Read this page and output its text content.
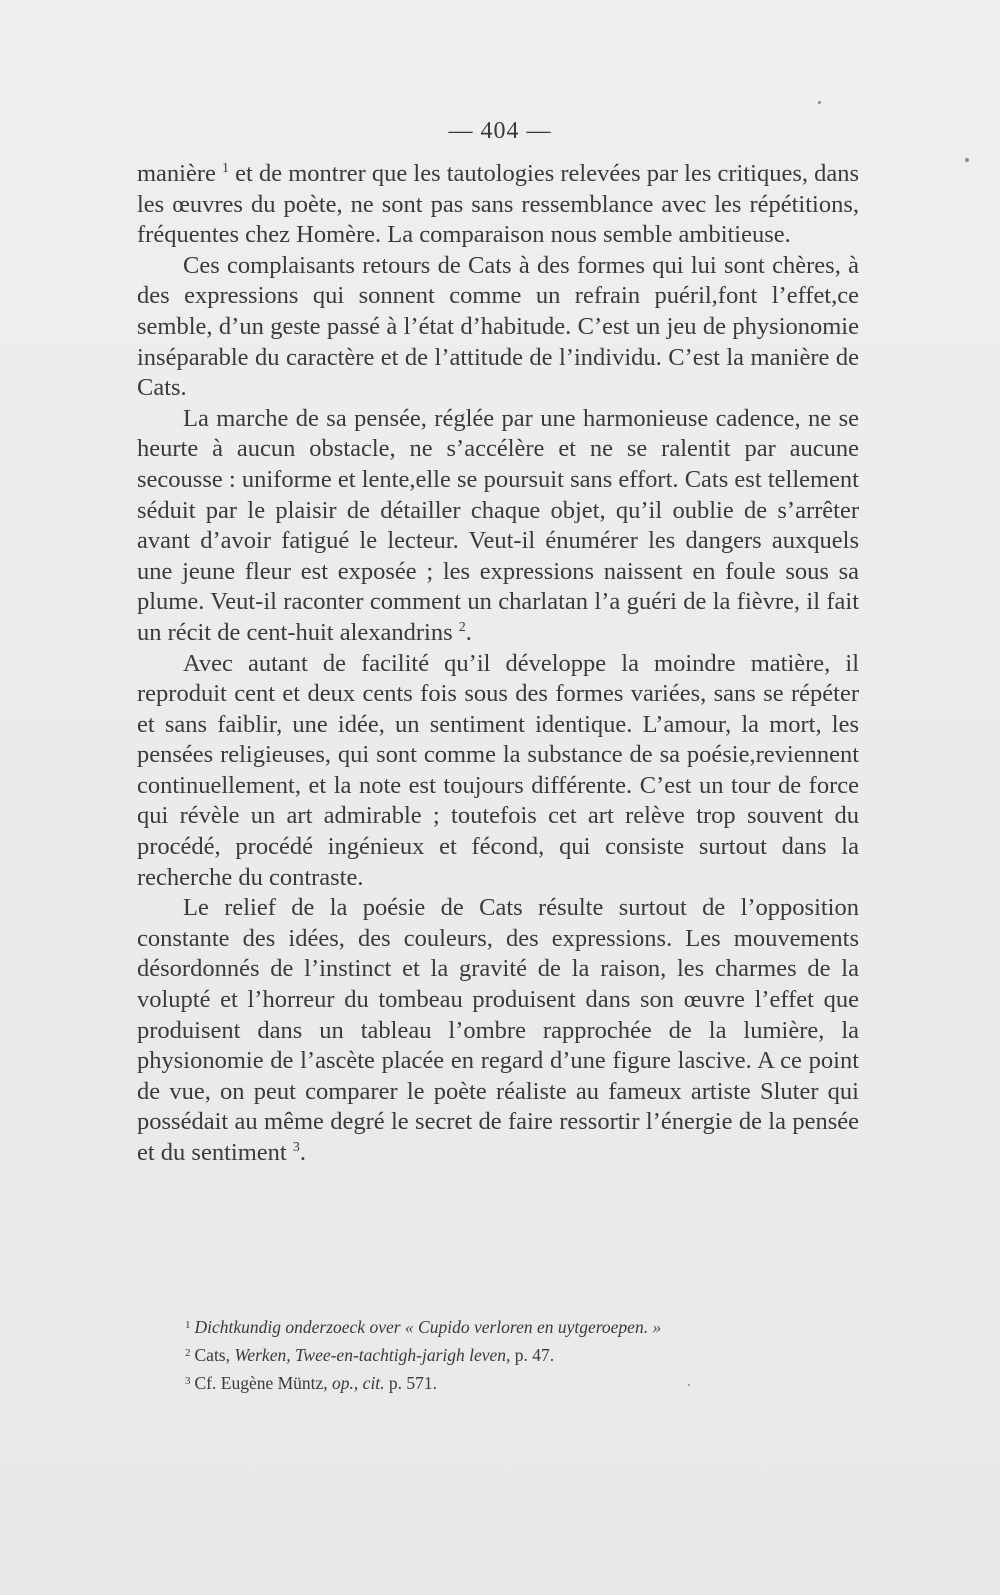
— 404 —

manière $^1$ et de montrer que les tautologies relevées par les critiques, dans les œuvres du poète, ne sont pas sans ressemblance avec les répétitions, fréquentes chez Homère. La comparaison nous semble ambitieuse.

Ces complaisants retours de Cats à des formes qui lui sont chères, à des expressions qui sonnent comme un refrain puéril,font l’effet,ce semble, d’un geste passé à l’état d’habitude. C’est un jeu de physionomie inséparable du caractère et de l’attitude de l’individu. C’est la manière de Cats.

La marche de sa pensée, réglée par une harmonieuse cadence, ne se heurte à aucun obstacle, ne s’accélère et ne se ralentit par aucune secousse : uniforme et lente,elle se poursuit sans effort. Cats est tellement séduit par le plaisir de détailler chaque objet, qu’il oublie de s’arrêter avant d’avoir fatigué le lecteur. Veut-il énumérer les dangers auxquels une jeune fleur est exposée ; les expressions naissent en foule sous sa plume. Veut-il raconter comment un charlatan l’a guéri de la fièvre, il fait un récit de cent-huit alexandrins $^2$.

Avec autant de facilité qu’il développe la moindre matière, il reproduit cent et deux cents fois sous des formes variées, sans se répéter et sans faiblir, une idée, un sentiment identique. L’amour, la mort, les pensées religieuses, qui sont comme la substance de sa poésie,reviennent continuellement, et la note est toujours différente. C’est un tour de force qui révèle un art admirable ; toutefois cet art relève trop souvent du procédé, procédé ingénieux et fécond, qui consiste surtout dans la recherche du contraste.

Le relief de la poésie de Cats résulte surtout de l’opposition constante des idées, des couleurs, des expressions. Les mouvements désordonnés de l’instinct et la gravité de la raison, les charmes de la volupté et l’horreur du tombeau produisent dans son œuvre l’effet que produisent dans un tableau l’ombre rapprochée de la lumière, la physionomie de l’ascète placée en regard d’une figure lascive. A ce point de vue, on peut comparer le poète réaliste au fameux artiste Sluter qui possédait au même degré le secret de faire ressortir l’énergie de la pensée et du sentiment $^3$.

$^1$ Dichtkundig onderzoeck over « Cupido verloren en uytgeroepen. »
$^2$ Cats, Werken, Twee-en-tachtigh-jarigh leven, p. 47.
$^3$ Cf. Eugène Müntz, op., cit. p. 571.
